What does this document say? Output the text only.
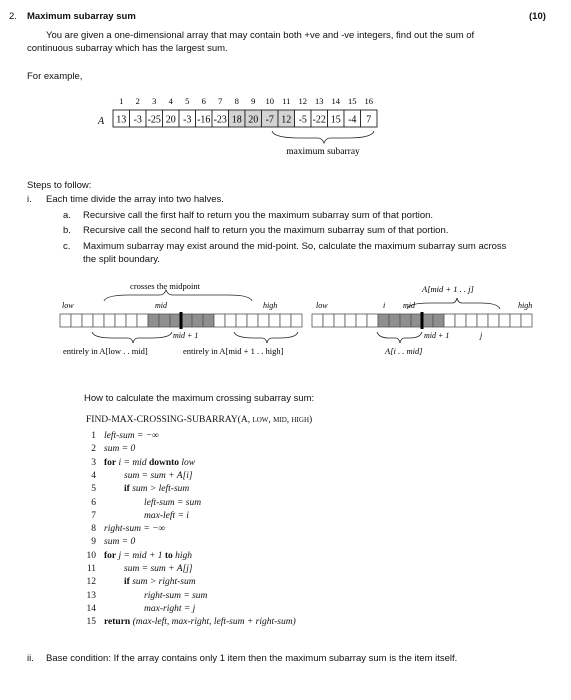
2. Maximum subarray sum	(10)
You are given a one-dimensional array that may contain both +ve and -ve integers, find out the sum of
continuous subarray which has the largest sum.
For example,
1 2 3 4 5 6 7 8 9 10 11 12 13 14 15 16
A 13 -3 -25 20 -3 -16 -23 18 20 -7 12 -5 -22 15 -4 7
maximum subarray
Steps to follow:
i. Each time divide the array into two halves.
a. Recursive call the first half to return you the maximum subarray sum of that portion.
b. Recursive call the second half to return you the maximum subarray sum of that portion.
c. Maximum subarray may exist around the mid-point. So, calculate the maximum subarray sum across
the split boundary.
crosses the midpoint
low	mid	high
mid + 1
entirely in A[low . . mid]	entirely in A[mid + 1 . . high]
A[mid + 1 . . j]
low	i mid	high
mid + 1	j
A[i . . mid]
How to calculate the maximum crossing subarray sum:
FIND-MAX-CROSSING-SUBARRAY(A, low, mid, high)
1 left-sum = −∞
2 sum = 0
3 for i = mid downto low
4	sum = sum + A[i]
5	if sum > left-sum
6	left-sum = sum
7	max-left = i
8 right-sum = −∞
9 sum = 0
10 for j = mid + 1 to high
11	sum = sum + A[j]
12	if sum > right-sum
13	right-sum = sum
14	max-right = j
15 return (max-left, max-right, left-sum + right-sum)
ii. Base condition: If the array contains only 1 item then the maximum subarray sum is the item itself.
